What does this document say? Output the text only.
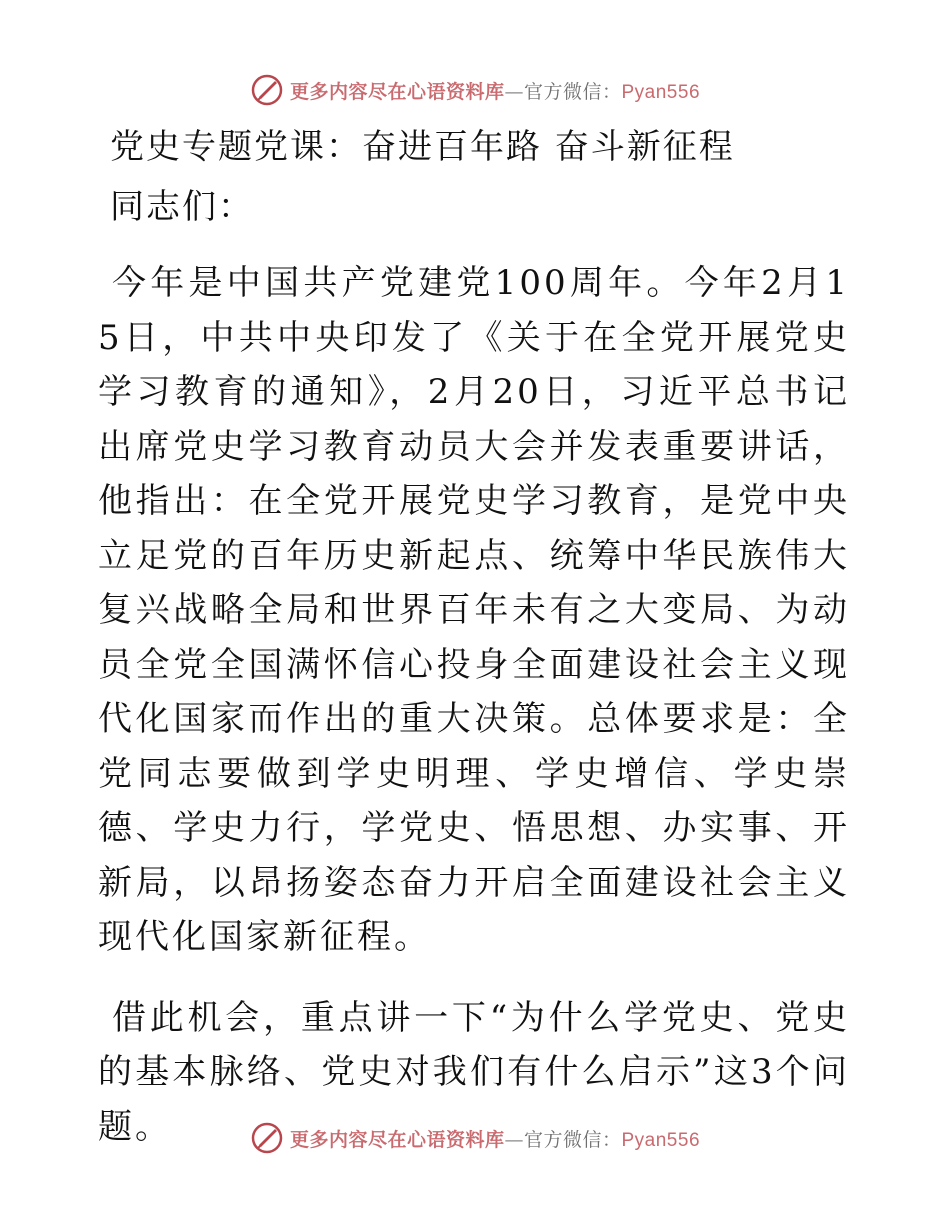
更多内容尽在心语资料库—官方微信：Pyan556
党史专题党课：奋进百年路 奋斗新征程
同志们：

今年是中国共产党建党100周年。今年2月15日，中共中央印发了《关于在全党开展党史学习教育的通知》，2月20日，习近平总书记出席党史学习教育动员大会并发表重要讲话，他指出：在全党开展党史学习教育，是党中央立足党的百年历史新起点、统筹中华民族伟大复兴战略全局和世界百年未有之大变局、为动员全党全国满怀信心投身全面建设社会主义现代化国家而作出的重大决策。总体要求是：全党同志要做到学史明理、学史增信、学史崇德、学史力行，学党史、悟思想、办实事、开新局，以昂扬姿态奋力开启全面建设社会主义现代化国家新征程。

借此机会，重点讲一下“为什么学党史、党史的基本脉络、党史对我们有什么启示”这3个问题。	更多内容尽在心语资料库—官方微信：Pyan556
